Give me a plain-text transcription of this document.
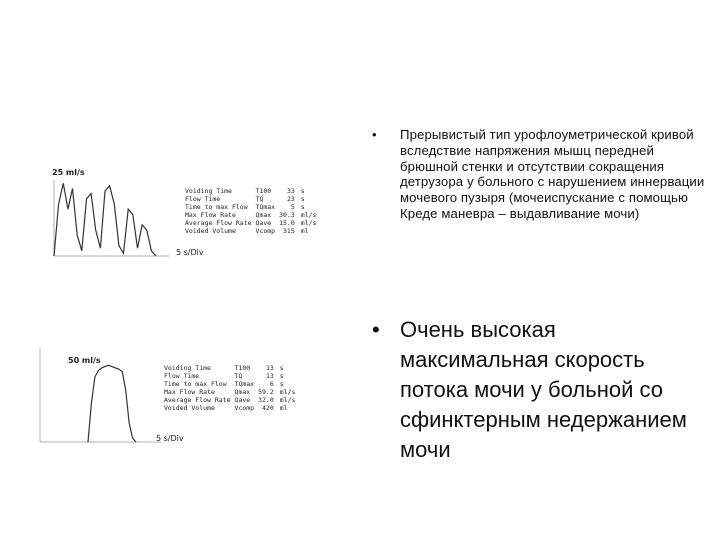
25 ml/s
5 s/Div
Voiding Time	T100	33	s
Flow Time	TQ	23	s
Time to max Flow	TQmax	5	s
Max Flow Rate	Qmax	30.3	ml/s
Average Flow Rate	Qave	15.0	ml/s
Voided Volume	Vcomp	315	ml
50 ml/s
5 s/Div
Voiding Time	T100	13	s
Flow Time	TQ	13	s
Time to max Flow	TQmax	6	s
Max Flow Rate	Qmax	59.2	ml/s
Average Flow Rate	Qave	32.0	ml/s
Voided Volume	Vcomp	420	ml
•	Прерывистый тип урофлоуметрической кривой вследствие напряжения мышц передней брюшной стенки и отсутствии сокращения детрузора у больного с нарушением иннервации мочевого пузыря (мочеиспускание с помощью Креде маневра – выдавливание мочи)
• Очень высокая максимальная скорость потока мочи у больной со сфинктерным недержанием мочи
